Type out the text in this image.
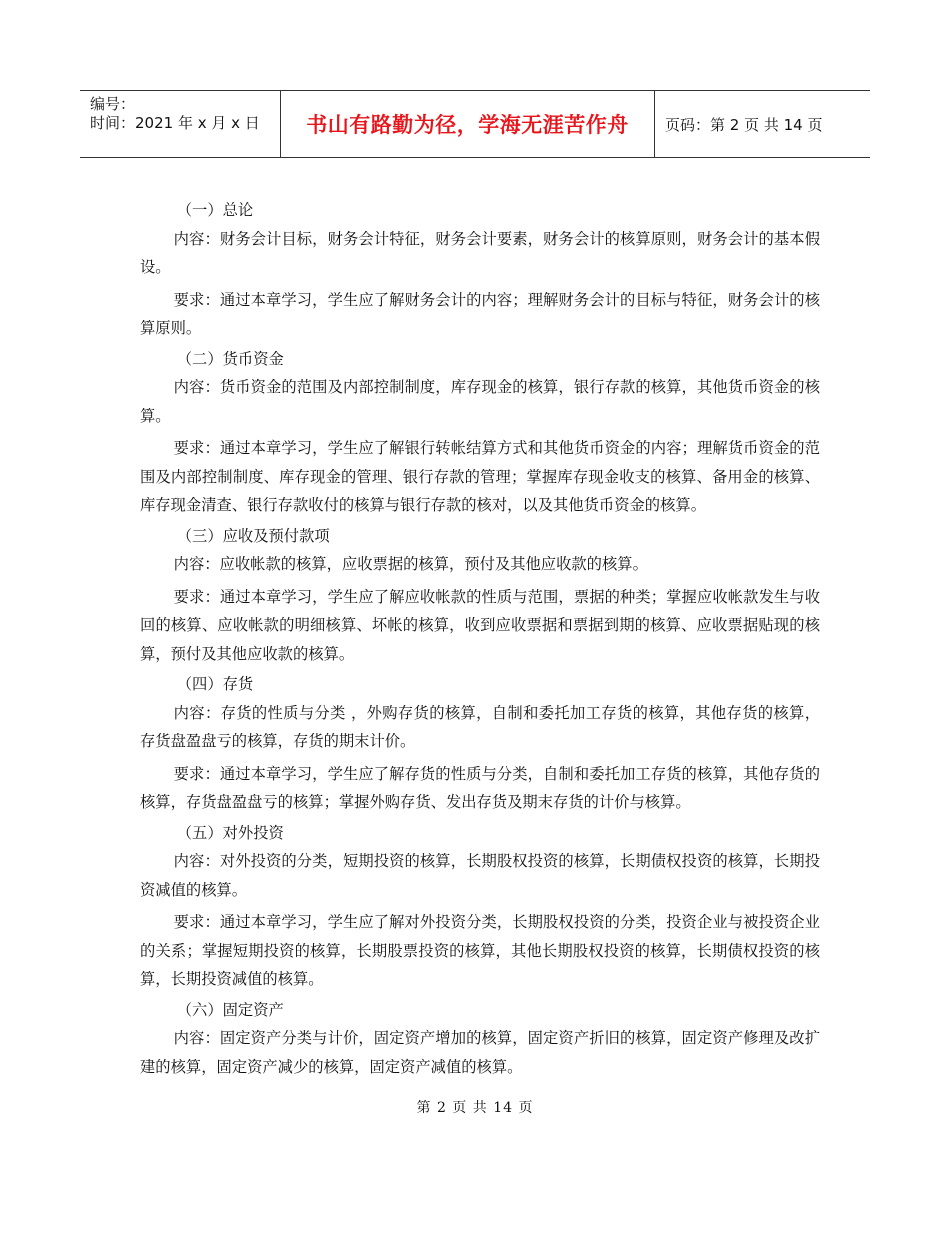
编号：
时间：2021 年 x 月 x 日	书山有路勤为径，学海无涯苦作舟	页码：第 2 页 共 14 页

（一）总论

内容：财务会计目标，财务会计特征，财务会计要素，财务会计的核算原则，财务会计的基本假设。

要求：通过本章学习，学生应了解财务会计的内容；理解财务会计的目标与特征，财务会计的核算原则。

（二）货币资金

内容：货币资金的范围及内部控制制度，库存现金的核算，银行存款的核算，其他货币资金的核算。

要求：通过本章学习，学生应了解银行转帐结算方式和其他货币资金的内容；理解货币资金的范围及内部控制制度、库存现金的管理、银行存款的管理；掌握库存现金收支的核算、备用金的核算、库存现金清查、银行存款收付的核算与银行存款的核对，以及其他货币资金的核算。

（三）应收及预付款项

内容：应收帐款的核算，应收票据的核算，预付及其他应收款的核算。

要求：通过本章学习，学生应了解应收帐款的性质与范围，票据的种类；掌握应收帐款发生与收回的核算、应收帐款的明细核算、坏帐的核算，收到应收票据和票据到期的核算、应收票据贴现的核算，预付及其他应收款的核算。

（四）存货

内容：存货的性质与分类 ，外购存货的核算，自制和委托加工存货的核算，其他存货的核算，存货盘盈盘亏的核算，存货的期末计价。

要求：通过本章学习，学生应了解存货的性质与分类，自制和委托加工存货的核算，其他存货的核算，存货盘盈盘亏的核算；掌握外购存货、发出存货及期末存货的计价与核算。

（五）对外投资

内容：对外投资的分类，短期投资的核算，长期股权投资的核算，长期债权投资的核算，长期投资减值的核算。

要求：通过本章学习，学生应了解对外投资分类，长期股权投资的分类，投资企业与被投资企业的关系；掌握短期投资的核算，长期股票投资的核算，其他长期股权投资的核算，长期债权投资的核算，长期投资减值的核算。

（六）固定资产

内容：固定资产分类与计价，固定资产增加的核算，固定资产折旧的核算，固定资产修理及改扩建的核算，固定资产减少的核算，固定资产减值的核算。

第 2 页 共 14 页
